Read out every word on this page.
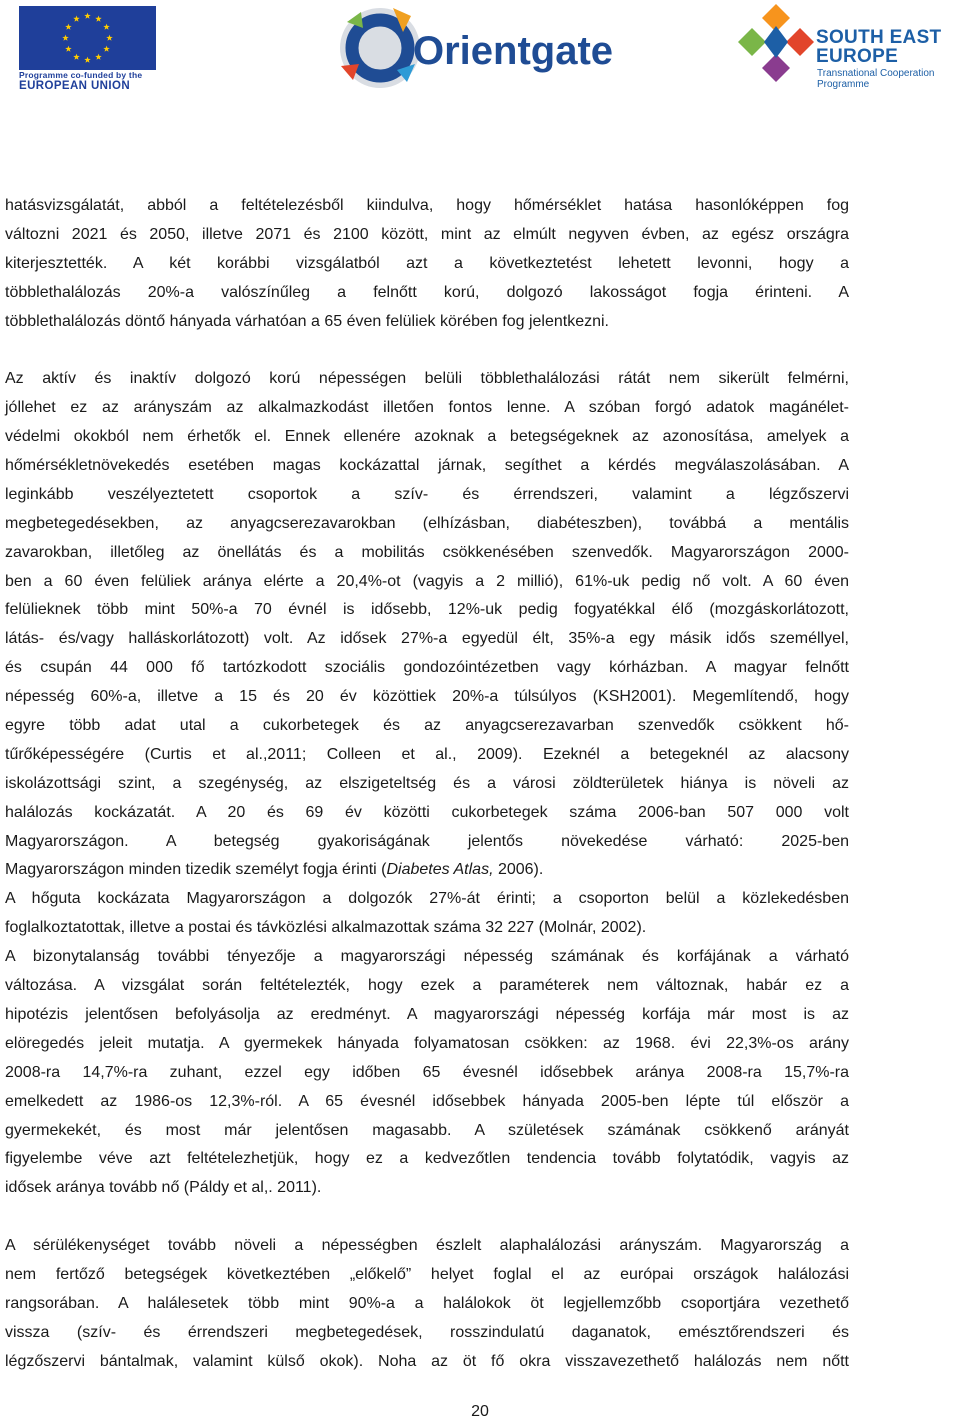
Programme co-funded by the
EUROPEAN UNION
Orientgate	SOUTH EAST
EUROPE
Transnational Cooperation Programme
hatásvizsgálatát, abból a feltételezésből kiindulva, hogy hőmérséklet hatása hasonlóképpen fog
változni 2021 és 2050, illetve 2071 és 2100 között, mint az elmúlt negyven évben, az egész országra
kiterjesztették. A két korábbi vizsgálatból azt a következtetést lehetett levonni, hogy a
többlethalálozás 20%-a valószínűleg a felnőtt korú, dolgozó lakosságot fogja érinteni. A
többlethalálozás döntő hányada várhatóan a 65 éven felüliek körében fog jelentkezni.
Az aktív és inaktív dolgozó korú népességen belüli többlethalálozási rátát nem sikerült felmérni,
jóllehet ez az arányszám az alkalmazkodást illetően fontos lenne. A szóban forgó adatok magánélet-
védelmi okokból nem érhetők el. Ennek ellenére azoknak a betegségeknek az azonosítása, amelyek a
hőmérsékletnövekedés esetében magas kockázattal járnak, segíthet a kérdés megválaszolásában. A
leginkább veszélyeztetett csoportok a szív- és érrendszeri, valamint a légzőszervi
megbetegedésekben, az anyagcserezavarokban (elhízásban, diabéteszben), továbbá a mentális
zavarokban, illetőleg az önellátás és a mobilitás csökkenésében szenvedők. Magyarországon 2000-
ben a 60 éven felüliek aránya elérte a 20,4%-ot (vagyis a 2 millió), 61%-uk pedig nő volt. A 60 éven
felülieknek több mint 50%-a 70 évnél is idősebb, 12%-uk pedig fogyatékkal élő (mozgáskorlátozott,
látás- és/vagy halláskorlátozott) volt. Az idősek 27%-a egyedül élt, 35%-a egy másik idős személlyel,
és csupán 44 000 fő tartózkodott szociális gondozóintézetben vagy kórházban. A magyar felnőtt
népesség 60%-a, illetve a 15 és 20 év közöttiek 20%-a túlsúlyos (KSH2001). Megemlítendő, hogy
egyre több adat utal a cukorbetegek és az anyagcserezavarban szenvedők csökkent hő-
tűrőképességére (Curtis et al.,2011; Colleen et al., 2009). Ezeknél a betegeknél az alacsony
iskolázottsági szint, a szegénység, az elszigeteltség és a városi zöldterületek hiánya is növeli az
halálozás kockázatát. A 20 és 69 év közötti cukorbetegek száma 2006-ban 507 000 volt
Magyarországon. A betegség gyakoriságának jelentős növekedése várható: 2025-ben
Magyarországon minden tizedik személyt fogja érinti (Diabetes Atlas, 2006).
A hőguta kockázata Magyarországon a dolgozók 27%-át érinti; a csoporton belül a közlekedésben
foglalkoztatottak, illetve a postai és távközlési alkalmazottak száma 32 227 (Molnár, 2002).
A bizonytalanság további tényezője a magyarországi népesség számának és korfájának a várható
változása. A vizsgálat során feltételezték, hogy ezek a paraméterek nem változnak, habár ez a
hipotézis jelentősen befolyásolja az eredményt. A magyarországi népesség korfája már most is az
elöregedés jeleit mutatja. A gyermekek hányada folyamatosan csökken: az 1968. évi 22,3%-os arány
2008-ra 14,7%-ra zuhant, ezzel egy időben 65 évesnél idősebbek aránya 2008-ra 15,7%-ra
emelkedett az 1986-os 12,3%-ról. A 65 évesnél idősebbek hányada 2005-ben lépte túl először a
gyermekekét, és most már jelentősen magasabb. A születések számának csökkenő arányát
figyelembe véve azt feltételezhetjük, hogy ez a kedvezőtlen tendencia tovább folytatódik, vagyis az
idősek aránya tovább nő (Páldy et al,. 2011).
A sérülékenységet tovább növeli a népességben észlelt alaphalálozási arányszám. Magyarország a
nem fertőző betegségek következtében „előkelő” helyet foglal el az európai országok halálozási
rangsorában. A halálesetek több mint 90%-a a halálokok öt legjellemzőbb csoportjára vezethető
vissza (szív- és érrendszeri megbetegedések, rosszindulatú daganatok, emésztőrendszeri és
légzőszervi bántalmak, valamint külső okok). Noha az öt fő okra visszavezethető halálozás nem nőtt
20
